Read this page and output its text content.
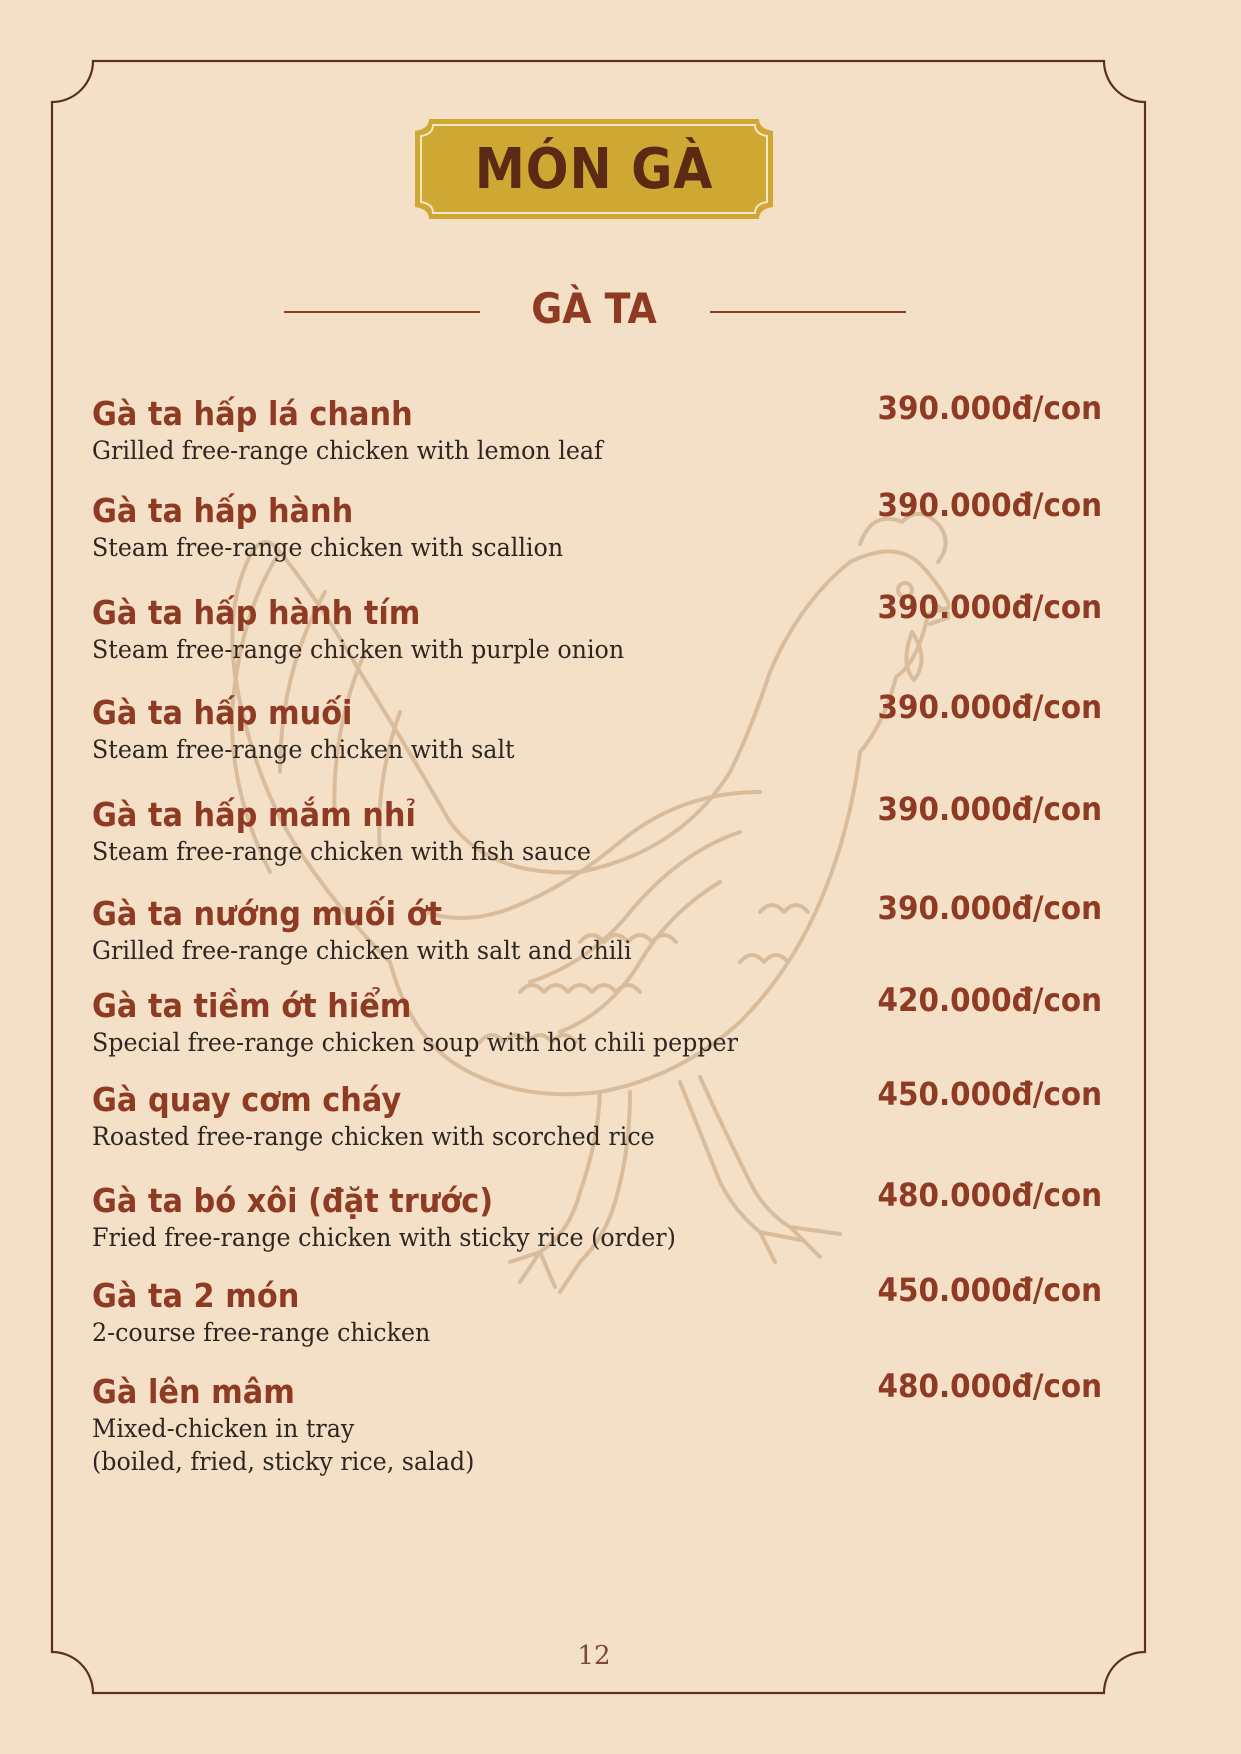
MÓN GÀ
GÀ TA
Gà ta hấp lá chanh
Grilled free-range chicken with lemon leaf
390.000đ/con
Gà ta hấp hành
Steam free-range chicken with scallion
390.000đ/con
Gà ta hấp hành tím
Steam free-range chicken with purple onion
390.000đ/con
Gà ta hấp muối
Steam free-range chicken with salt
390.000đ/con
Gà ta hấp mắm nhỉ
Steam free-range chicken with fish sauce
390.000đ/con
Gà ta nướng muối ớt
Grilled free-range chicken with salt and chili
390.000đ/con
Gà ta tiềm ớt hiểm
Special free-range chicken soup with hot chili pepper
420.000đ/con
Gà quay cơm cháy
Roasted free-range chicken with scorched rice
450.000đ/con
Gà ta bó xôi (đặt trước)
Fried free-range chicken with sticky rice (order)
480.000đ/con
Gà ta 2 món
2-course free-range chicken
450.000đ/con
Gà lên mâm
Mixed-chicken in tray
(boiled, fried, sticky rice, salad)
480.000đ/con
12
